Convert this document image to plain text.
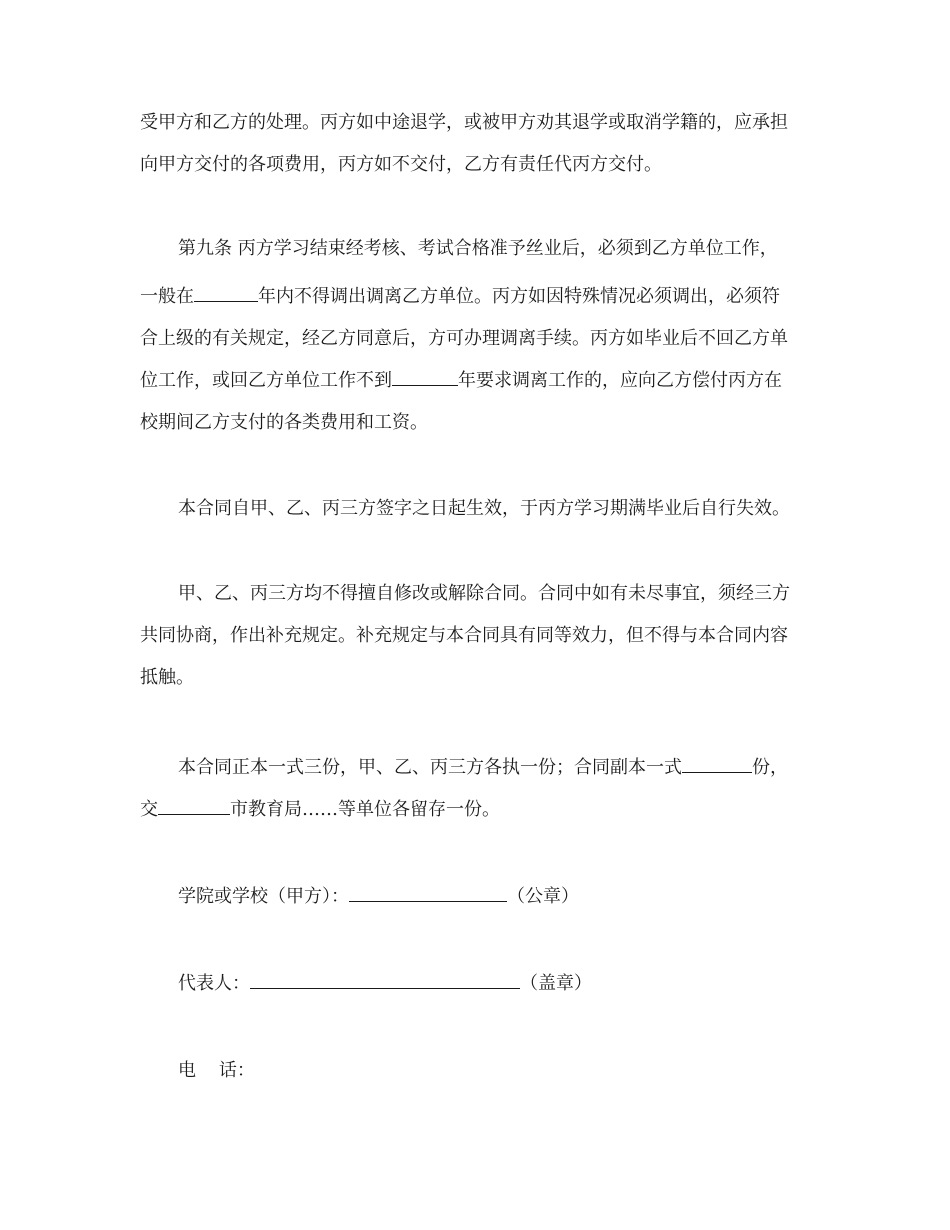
受甲方和乙方的处理。丙方如中途退学，或被甲方劝其退学或取消学籍的，应承担

向甲方交付的各项费用，丙方如不交付，乙方有责任代丙方交付。

第九条 丙方学习结束经考核、考试合格准予丝业后，必须到乙方单位工作，

一般在	年内不得调出调离乙方单位。丙方如因特殊情况必须调出，必须符

合上级的有关规定，经乙方同意后，方可办理调离手续。丙方如毕业后不回乙方单

位工作，或回乙方单位工作不到	年要求调离工作的，应向乙方偿付丙方在

校期间乙方支付的各类费用和工资。

本合同自甲、乙、丙三方签字之日起生效，于丙方学习期满毕业后自行失效。

甲、乙、丙三方均不得擅自修改或解除合同。合同中如有未尽事宜，须经三方

共同协商，作出补充规定。补充规定与本合同具有同等效力，但不得与本合同内容

抵触。

本合同正本一式三份，甲、乙、丙三方各执一份；合同副本一式	份，

交	市教育局……等单位各留存一份。

学院或学校（甲方）：	（公章）

代表人：	（盖章）

电    话：
